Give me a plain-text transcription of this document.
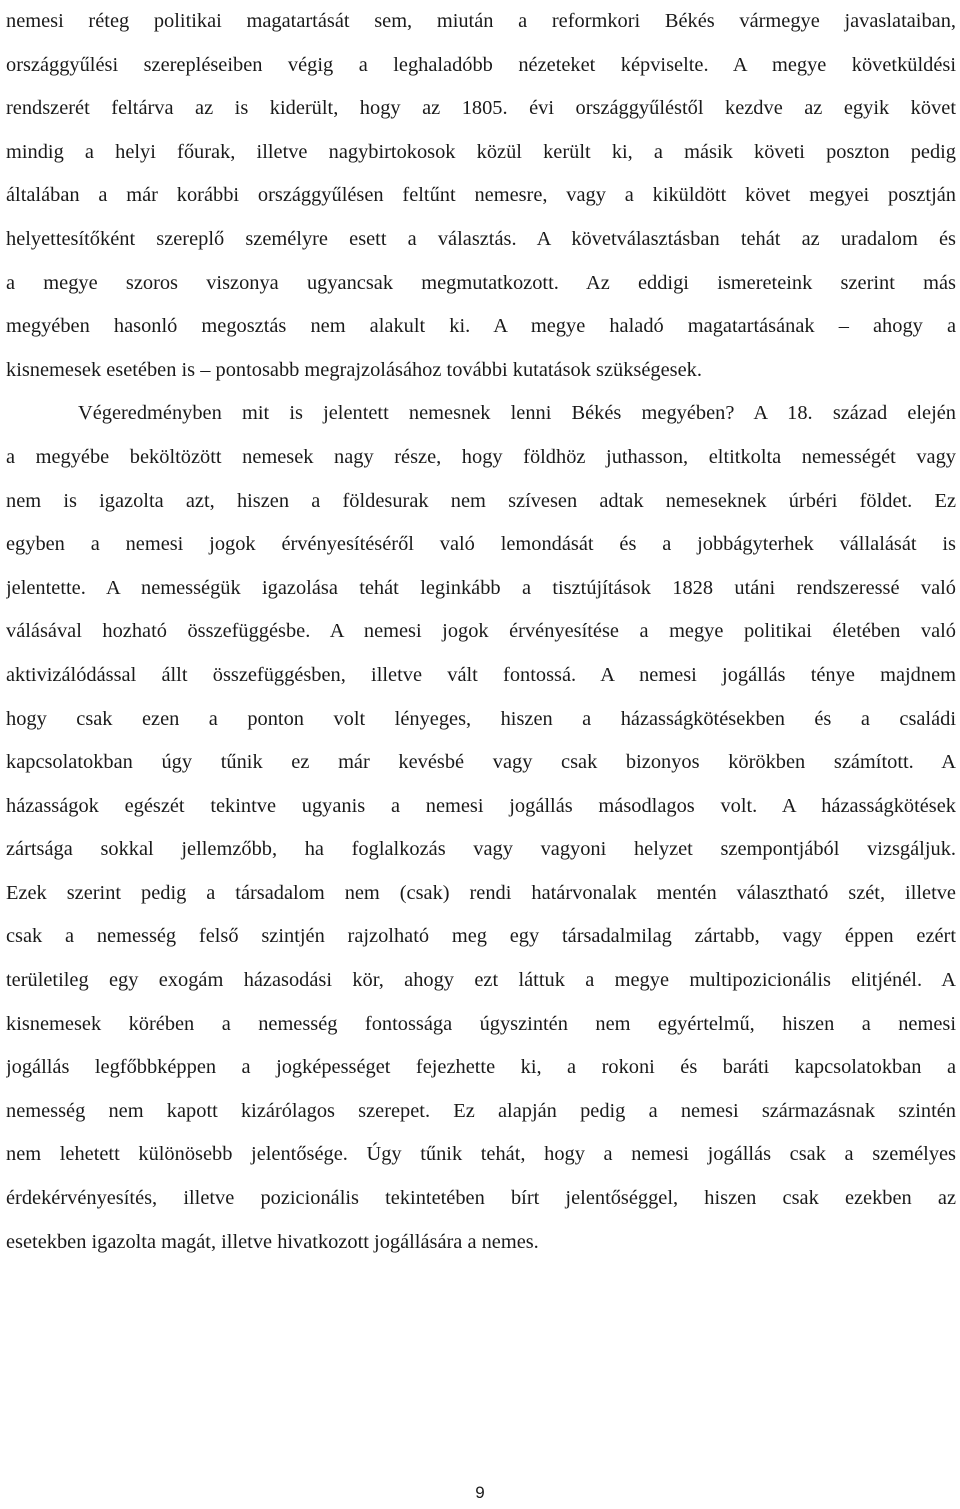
nemesi réteg politikai magatartását sem, miután a reformkori Békés vármegye javaslataiban,
országgyűlési szerepléseiben végig a leghaladóbb nézeteket képviselte. A megye követküldési
rendszerét feltárva az is kiderült, hogy az 1805. évi országgyűléstől kezdve az egyik követ
mindig a helyi főurak, illetve nagybirtokosok közül került ki, a másik követi poszton pedig
általában a már korábbi országgyűlésen feltűnt nemesre, vagy a kiküldött követ megyei posztján
helyettesítőként szereplő személyre esett a választás. A követválasztásban tehát az uradalom és
a megye szoros viszonya ugyancsak megmutatkozott. Az eddigi ismereteink szerint más
megyében hasonló megosztás nem alakult ki. A megye haladó magatartásának – ahogy a
kisnemesek esetében is – pontosabb megrajzolásához további kutatások szükségesek.
Végeredményben mit is jelentett nemesnek lenni Békés megyében? A 18. század elején
a megyébe beköltözött nemesek nagy része, hogy földhöz juthasson, eltitkolta nemességét vagy
nem is igazolta azt, hiszen a földesurak nem szívesen adtak nemeseknek úrbéri földet. Ez
egyben a nemesi jogok érvényesítéséről való lemondását és a jobbágyterhek vállalását is
jelentette. A nemességük igazolása tehát leginkább a tisztújítások 1828 utáni rendszeressé való
válásával hozható összefüggésbe. A nemesi jogok érvényesítése a megye politikai életében való
aktivizálódással állt összefüggésben, illetve vált fontossá. A nemesi jogállás ténye majdnem
hogy csak ezen a ponton volt lényeges, hiszen a házasságkötésekben és a családi
kapcsolatokban úgy tűnik ez már kevésbé vagy csak bizonyos körökben számított. A
házasságok egészét tekintve ugyanis a nemesi jogállás másodlagos volt. A házasságkötések
zártsága sokkal jellemzőbb, ha foglalkozás vagy vagyoni helyzet szempontjából vizsgáljuk.
Ezek szerint pedig a társadalom nem (csak) rendi határvonalak mentén választható szét, illetve
csak a nemesség felső szintjén rajzolható meg egy társadalmilag zártabb, vagy éppen ezért
területileg egy exogám házasodási kör, ahogy ezt láttuk a megye multipozicionális elitjénél. A
kisnemesek körében a nemesség fontossága úgyszintén nem egyértelmű, hiszen a nemesi
jogállás legfőbbképpen a jogképességet fejezhette ki, a rokoni és baráti kapcsolatokban a
nemesség nem kapott kizárólagos szerepet. Ez alapján pedig a nemesi származásnak szintén
nem lehetett különösebb jelentősége. Úgy tűnik tehát, hogy a nemesi jogállás csak a személyes
érdekérvényesítés, illetve pozicionális tekintetében bírt jelentőséggel, hiszen csak ezekben az
esetekben igazolta magát, illetve hivatkozott jogállására a nemes.
9
